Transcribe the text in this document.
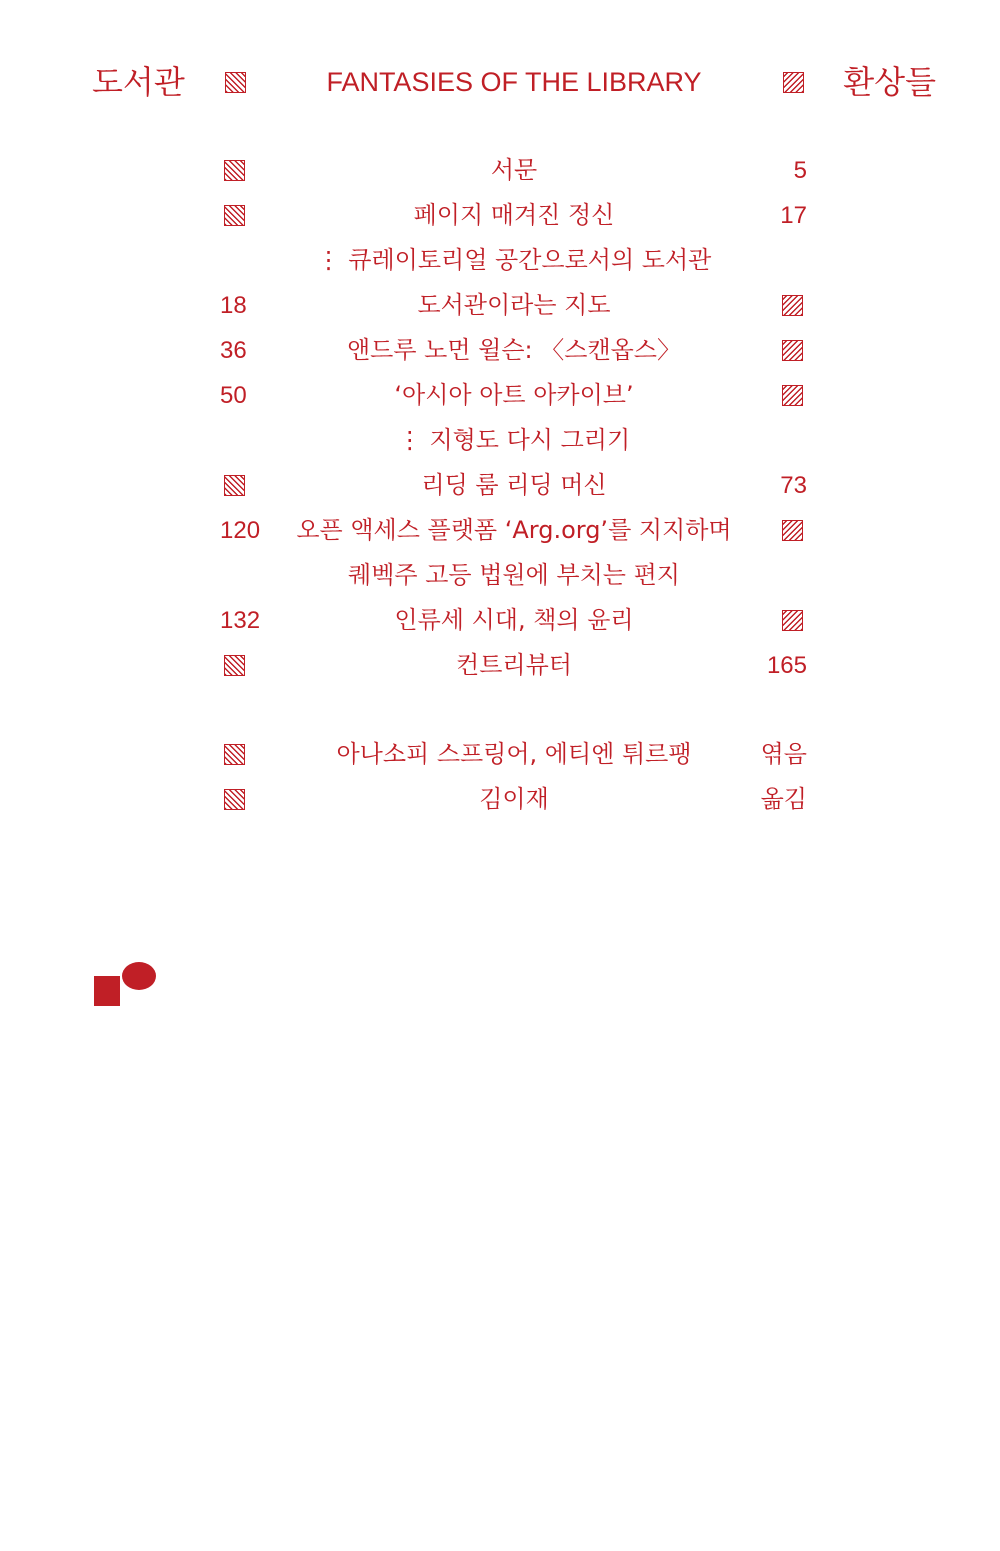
도서관	FANTASIES OF THE LIBRARY	환상들
서문	5
페이지 매겨진 정신	17
⋮ 큐레이토리얼 공간으로서의 도서관
18	도서관이라는 지도
36	앤드루 노먼 윌슨: 〈스캔옵스〉
50	‘아시아 아트 아카이브’
⋮ 지형도 다시 그리기
리딩 룸 리딩 머신	73
120	오픈 액세스 플랫폼 ‘Arg.org’를 지지하며
퀘벡주 고등 법원에 부치는 편지
132	인류세 시대, 책의 윤리
컨트리뷰터	165
아나소피 스프링어, 에티엔 튀르팽	엮음
김이재	옮김
